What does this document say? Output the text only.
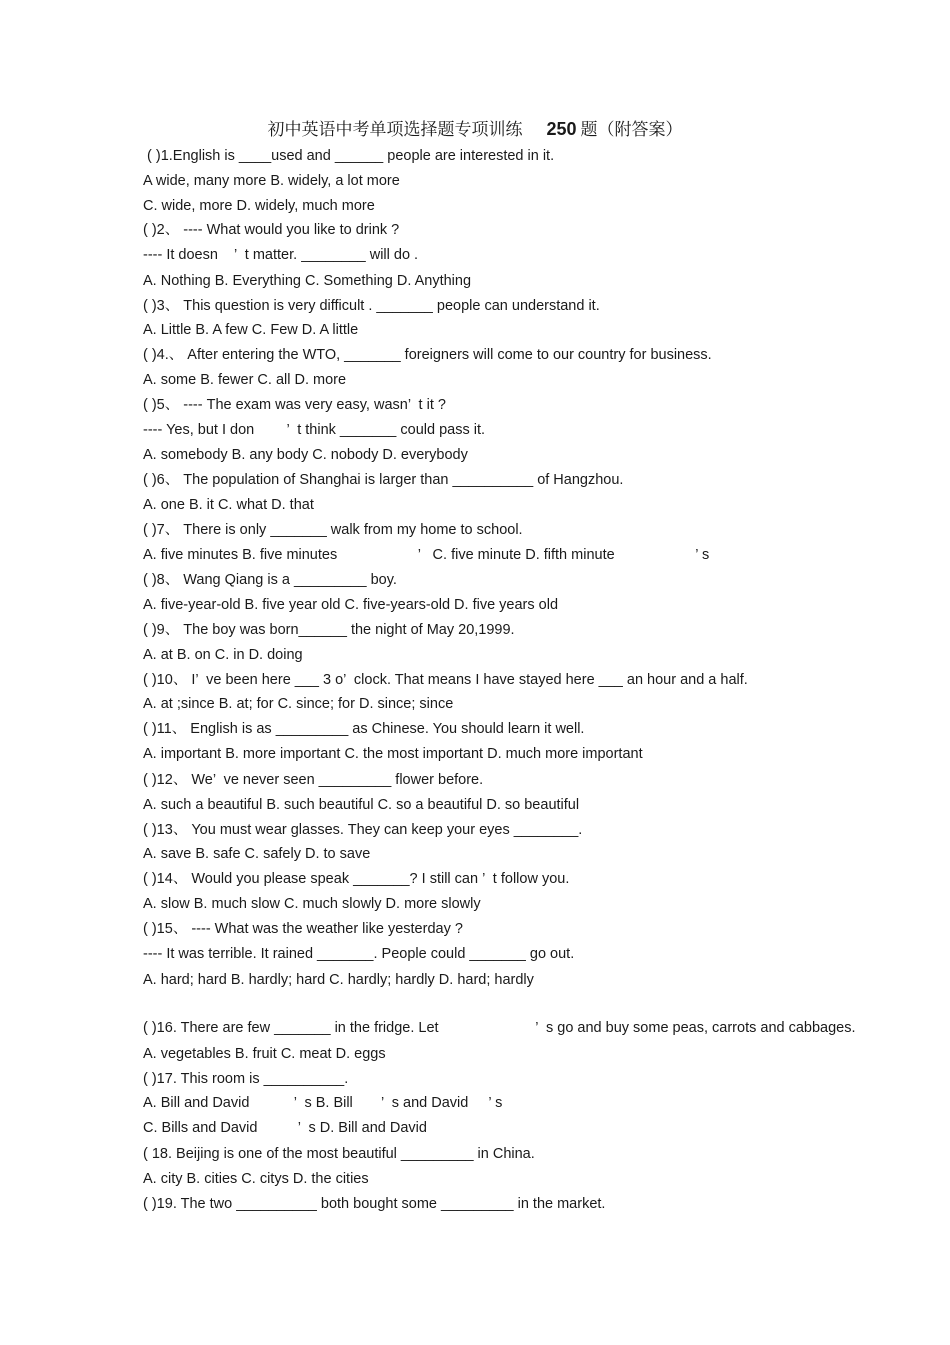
初中英语中考单项选择题专项训练 250 题（附答案）
( )1.English is ____used and ______ people are interested in it.
A wide, many more B. widely, a lot more
C. wide, more D. widely, much more
( )2、 ---- What would you like to drink ?
---- It doesn    ’  t matter. ________ will do .
A. Nothing B. Everything C. Something D. Anything
( )3、 This question is very difficult . _______ people can understand it.
A. Little B. A few C. Few D. A little
( )4.、 After entering the WTO, _______ foreigners will come to our country for business.
A. some B. fewer C. all D. more
( )5、 ---- The exam was very easy, wasn’  t it ?
---- Yes, but I don        ’  t think _______ could pass it.
A. somebody B. any body C. nobody D. everybody
( )6、 The population of Shanghai is larger than __________ of Hangzhou.
A. one B. it C. what D. that
( )7、 There is only _______ walk from my home to school.
A. five minutes B. five minutes                    ’   C. five minute D. fifth minute                    ’ s
( )8、 Wang Qiang is a _________ boy.
A. five-year-old B. five year old C. five-years-old D. five years old
( )9、 The boy was born______ the night of May 20,1999.
A. at B. on C. in D. doing
( )10、 I’  ve been here ___ 3 o’  clock. That means I have stayed here ___ an hour and a half.
A. at ;since B. at; for C. since; for D. since; since
( )11、 English is as _________ as Chinese. You should learn it well.
A. important B. more important C. the most important D. much more important
( )12、 We’  ve never seen _________ flower before.
A. such a beautiful B. such beautiful C. so a beautiful D. so beautiful
( )13、 You must wear glasses. They can keep your eyes ________.
A. save B. safe C. safely D. to save
( )14、 Would you please speak _______? I still can ’  t follow you.
A. slow B. much slow C. much slowly D. more slowly
( )15、 ---- What was the weather like yesterday ?
---- It was terrible. It rained _______. People could _______ go out.
A. hard; hard B. hardly; hard C. hardly; hardly D. hard; hardly
( )16. There are few _______ in the fridge. Let                        ’  s go and buy some peas, carrots and cabbages.
A. vegetables B. fruit C. meat D. eggs
( )17. This room is __________.
A. Bill and David           ’  s B. Bill       ’  s and David     ’ s
C. Bills and David          ’  s D. Bill and David
( 18. Beijing is one of the most beautiful _________ in China.
A. city B. cities C. citys D. the cities
( )19. The two __________ both bought some _________ in the market.
